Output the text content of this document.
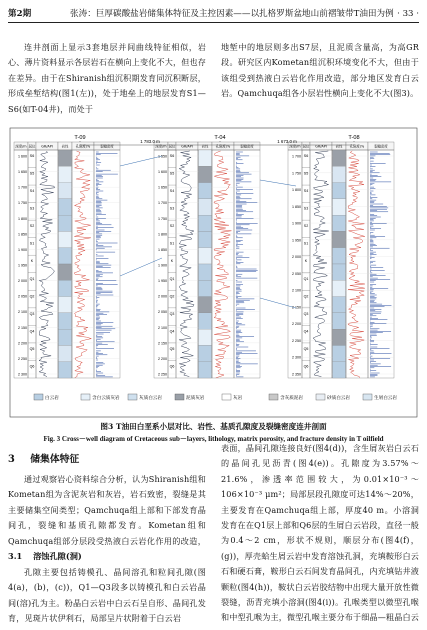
第2期	张涛：巨厚碳酸盐岩储集体特征及主控因素——以扎格罗斯盆地山前褶皱带T油田为例 · 33 ·
连井剖面上显示3套地层并间曲线特征相似，岩心、薄片资料显示各层岩石在横向上变化不大，但也存在差异。由于在Shiranish组沉积期发育同沉积断层，形成垒堑结构(图1(左))，处于地垒上的地层发育S1—S6(如T-04井)，而处于
地堑中的地层则多出S7层，且泥质含量高，为高GR段。研究区内Kometan组沉积环境变化不大，但由于该组受到热液白云岩化作用改造，部分地区发育白云岩。Qamchuqa组各小层岩性横向上变化不大(图3)。
T-09
深度/m 层位 GR/API	岩性 孔隙度/%	裂缝密度
1 600
1 650
1 700
1 750
1 800
1 850
1 900
1 950
2 000
2 050
2 100
2 150
2 200
2 250
2 300
S6
S5
S4
S3
S2
S1
K
Q1
Q2
Q3
Q4
Q5
Q6
T-04
深度/m 层位 GR/API	岩性 孔隙度/%	裂缝密度
1 550
1 600
1 650
1 700
1 750
1 800
1 850
1 900
1 950
2 000
2 050
2 100
2 150
2 200
2 250
S6
S5
S4
S3
S2
S1
K
Q1
Q2
Q3
Q4
Q5
Q6
T-08
深度/m 层位 GR/API	岩性 孔隙度/%	裂缝密度
1 700
1 750
1 800
1 850
1 900
1 950
2 000
2 050
2 100
2 150
2 200
2 250
2 300
2 350
S6
S5
S4
S3
S2
S1
K
Q1
Q2
Q3
Q4
Q5
Q6
1 783.0 m	1 673.0 m
白云岩	含白云质灰岩	灰质白云岩	泥质灰岩	灰岩	含灰质泥岩	砂质白云岩	生屑白云岩
图3 T油田白垩系小层对比、岩性、基质孔隙度及裂缝密度连井剖面
Fig. 3 Cross－well diagram of Cretaceous sub－layers, lithology, matrix porosity, and fracture density in T oilfield
3 储集体特征
通过观察岩心资料综合分析，认为Shiranish组和Kometan组为含泥灰岩和灰岩，岩石致密，裂缝是其主要储集空间类型；Qamchuqa组上部和下部发育晶间孔，裂缝和基质孔隙都发育。Kometan组和Qamchuqa组部分层段受热液白云岩化作用的改造，
3.1 溶蚀孔隙(洞)
孔隙主要包括铸模孔、晶间溶孔和粒间孔隙(图4(a)，(b)，(c))，Q1—Q3段多以铸模孔和白云岩晶间(溶)孔为主。粉晶白云岩中白云石呈自形、晶间孔发育，见斑片状伊利石，局部呈片状附着于白云岩
表面，晶间孔隙连接良好(图4(d))，含生屑灰岩白云石的晶间孔见沥青(图4(e))。孔隙度为3.57%～21.6%，渗透率范围较大，为0.01×10⁻³～106×10⁻³ μm²；局部层段孔隙度可达14%～20%，主要发育在Qamchuqa组上部，厚度40 m。小溶洞发育在在Q1层上部和Q6层的生屑白云岩段，直径一般为0.4～2 cm，形状不规则，顺层分布(图4(f)，(g))，厚壳蛤生屑云岩中发育溶蚀孔洞，充填鞍形白云石和硬石膏，鞍形白云石间发育晶间孔，内充填钻井液颗粒(图4(h))，鞍状白云岩胶结物中出现大量开放性微裂缝，沥青充填小溶洞(图4(i))。孔喉类型以微型孔喉和中型孔喉为主，微型孔喉主要分布于细晶—粗晶白云
